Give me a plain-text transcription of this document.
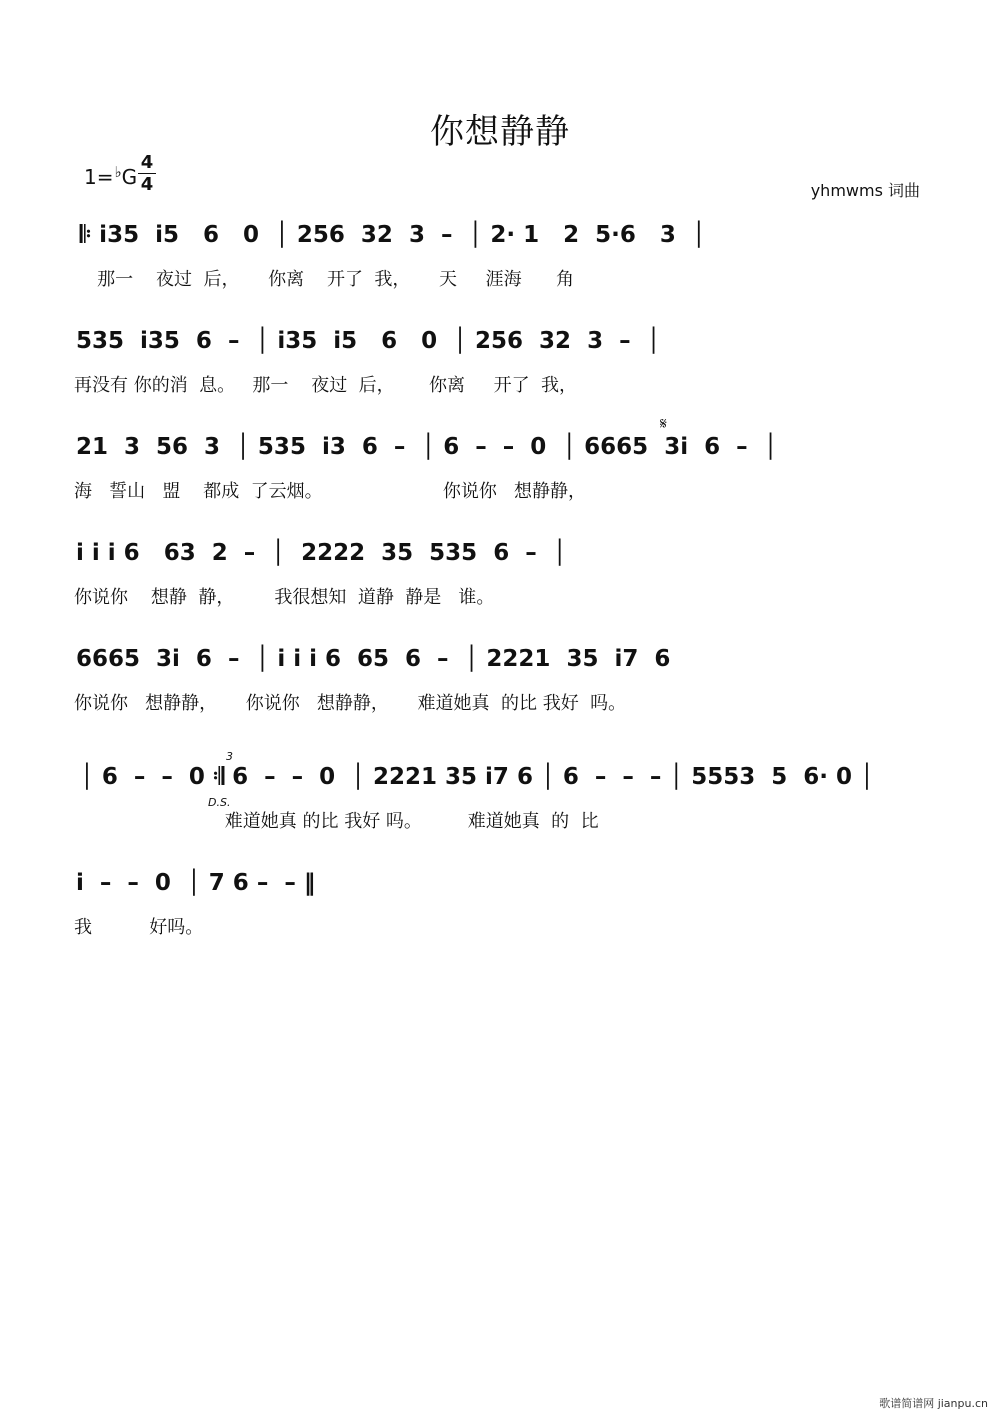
你想静静
1=♭G
4
4	yhmwms 词曲
𝄆 i35  i5   6   0  │ 256  32  3  –  │ 2· 1   2  5·6   3  │
那一    夜过  后，     你离    开了  我，     天     涯海      角
535  i35  6  –  │ i35  i5   6   0  │ 256  32  3  –  │
再没有 你的消  息。   那一    夜过  后，      你离     开了  我，
21  3  56  3  │ 535  i3  6  –  │ 6  –  –  0  │ 6665  3i  6  –  │
海   誓山   盟    都成  了云烟。                     你说你   想静静，
i i i 6   63  2  –  │  2222  35  535  6  –  │
你说你    想静  静，       我很想知  道静  静是   谁。
6665  3i  6  –  │ i i i 6  65  6  –  │ 2221  35  i7  6
你说你   想静静，     你说你   想静静，     难道她真  的比 我好  吗。
3
D.S.
│ 6  –  –  0 𝄇 6  –  –  0  │ 2221 35 i7 6 │ 6  –  –  – │ 5553  5  6· 0 │
难道她真 的比 我好 吗。        难道她真  的  比
i  –  –  0  │ 7 6 –  – ‖
我          好吗。
𝄋
歌谱简谱网 jianpu.cn
